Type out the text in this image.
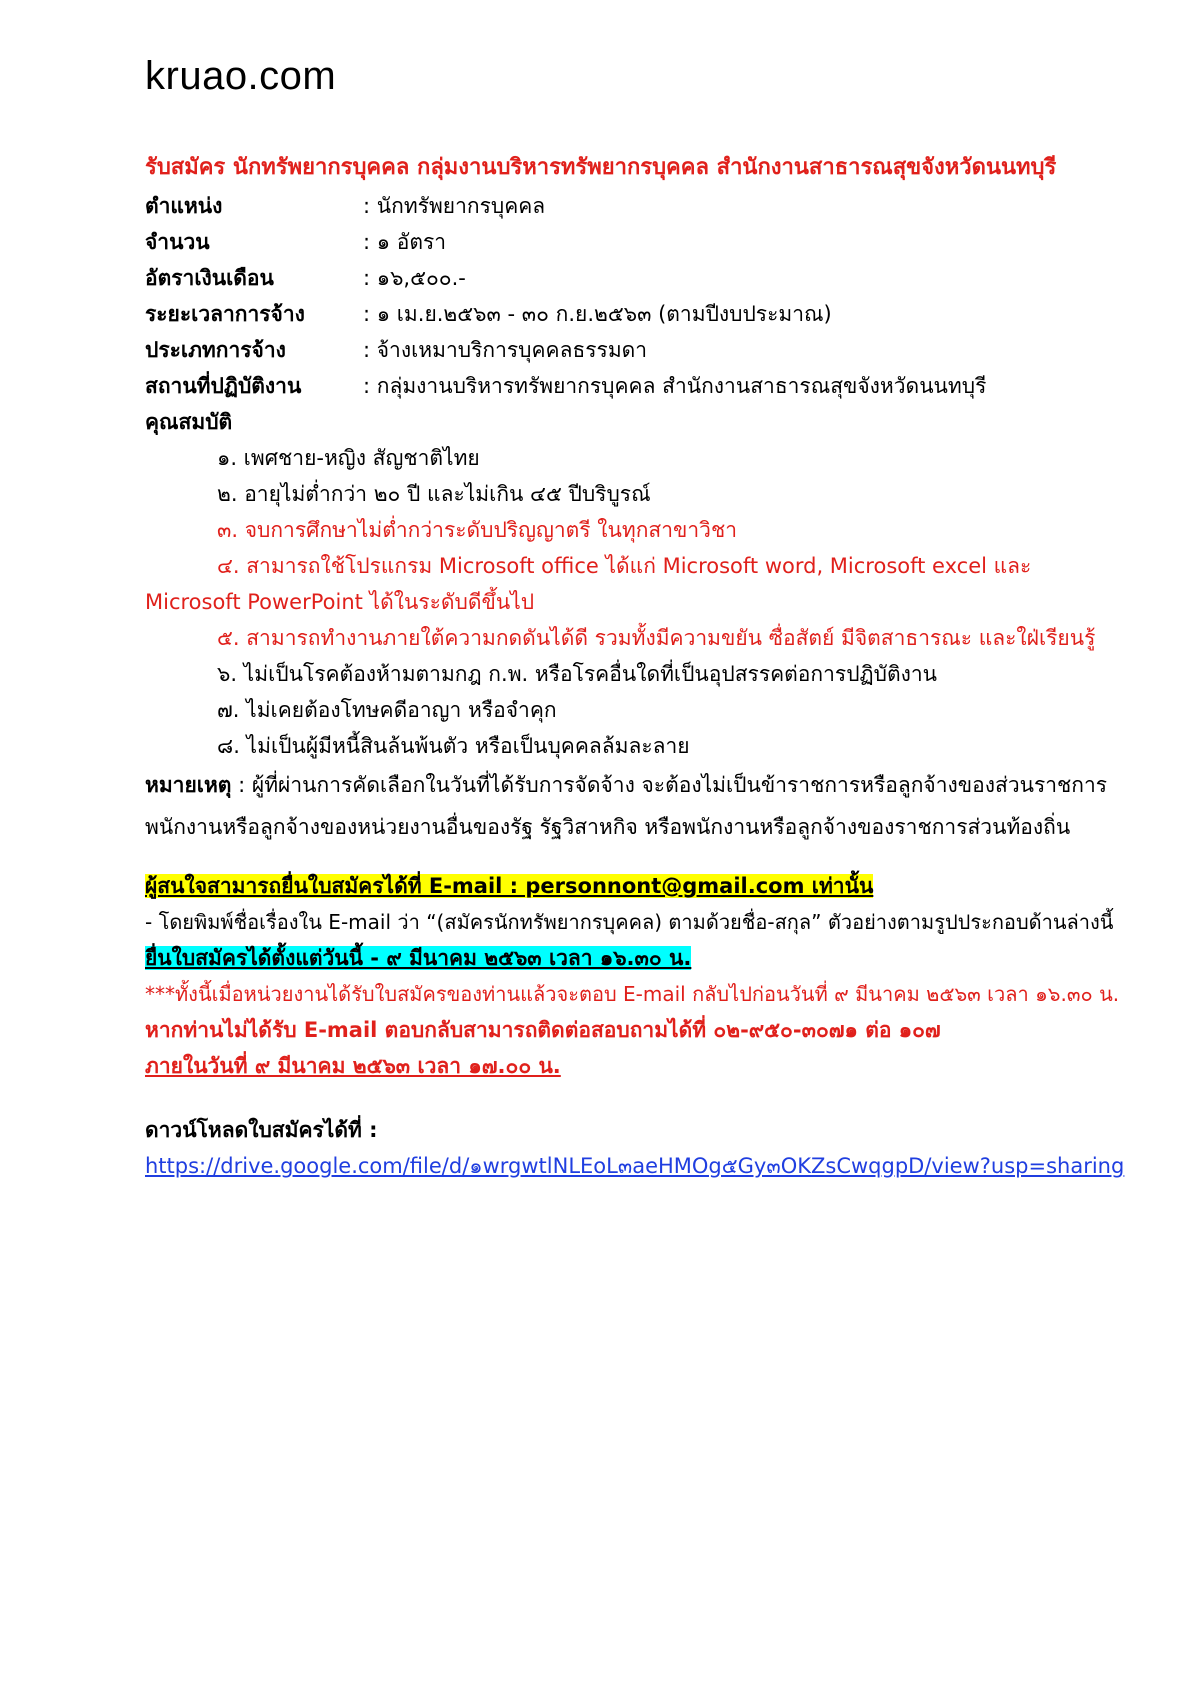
kruao.com
รับสมัคร นักทรัพยากรบุคคล กลุ่มงานบริหารทรัพยากรบุคคล สำนักงานสาธารณสุขจังหวัดนนทบุรี
ตำแหน่ง	: นักทรัพยากรบุคคล
จำนวน	: ๑ อัตรา
อัตราเงินเดือน	: ๑๖,๕๐๐.-
ระยะเวลาการจ้าง	: ๑ เม.ย.๒๕๖๓ - ๓๐ ก.ย.๒๕๖๓ (ตามปีงบประมาณ)
ประเภทการจ้าง	: จ้างเหมาบริการบุคคลธรรมดา
สถานที่ปฏิบัติงาน	: กลุ่มงานบริหารทรัพยากรบุคคล สำนักงานสาธารณสุขจังหวัดนนทบุรี
คุณสมบัติ
๑. เพศชาย-หญิง สัญชาติไทย
๒. อายุไม่ต่ำกว่า ๒๐ ปี และไม่เกิน ๔๕ ปีบริบูรณ์
๓. จบการศึกษาไม่ต่ำกว่าระดับปริญญาตรี ในทุกสาขาวิชา
๔. สามารถใช้โปรแกรม Microsoft office ได้แก่ Microsoft word, Microsoft excel และ
Microsoft PowerPoint ได้ในระดับดีขึ้นไป
๕. สามารถทำงานภายใต้ความกดดันได้ดี รวมทั้งมีความขยัน ซื่อสัตย์ มีจิตสาธารณะ และใฝ่เรียนรู้
๖. ไม่เป็นโรคต้องห้ามตามกฎ ก.พ. หรือโรคอื่นใดที่เป็นอุปสรรคต่อการปฏิบัติงาน
๗. ไม่เคยต้องโทษคดีอาญา หรือจำคุก
๘. ไม่เป็นผู้มีหนี้สินล้นพ้นตัว หรือเป็นบุคคลล้มละลาย
หมายเหตุ : ผู้ที่ผ่านการคัดเลือกในวันที่ได้รับการจัดจ้าง จะต้องไม่เป็นข้าราชการหรือลูกจ้างของส่วนราชการ
พนักงานหรือลูกจ้างของหน่วยงานอื่นของรัฐ รัฐวิสาหกิจ หรือพนักงานหรือลูกจ้างของราชการส่วนท้องถิ่น
ผู้สนใจสามารถยื่นใบสมัครได้ที่ E-mail : personnont@gmail.com เท่านั้น
- โดยพิมพ์ชื่อเรื่องใน E-mail ว่า “(สมัครนักทรัพยากรบุคคล) ตามด้วยชื่อ-สกุล” ตัวอย่างตามรูปประกอบด้านล่างนี้
ยื่นใบสมัครได้ตั้งแต่วันนี้ - ๙ มีนาคม ๒๕๖๓ เวลา ๑๖.๓๐ น.
***ทั้งนี้เมื่อหน่วยงานได้รับใบสมัครของท่านแล้วจะตอบ E-mail กลับไปก่อนวันที่ ๙ มีนาคม ๒๕๖๓ เวลา ๑๖.๓๐ น.
หากท่านไม่ได้รับ E-mail ตอบกลับสามารถติดต่อสอบถามได้ที่ ๐๒-๙๕๐-๓๐๗๑ ต่อ ๑๐๗
ภายในวันที่ ๙ มีนาคม ๒๕๖๓ เวลา ๑๗.๐๐ น.
ดาวน์โหลดใบสมัครได้ที่ :
https://drive.google.com/file/d/๑wrgwtlNLEoL๓aeHMOg๕Gy๓OKZsCwqgpD/view?usp=sharing
